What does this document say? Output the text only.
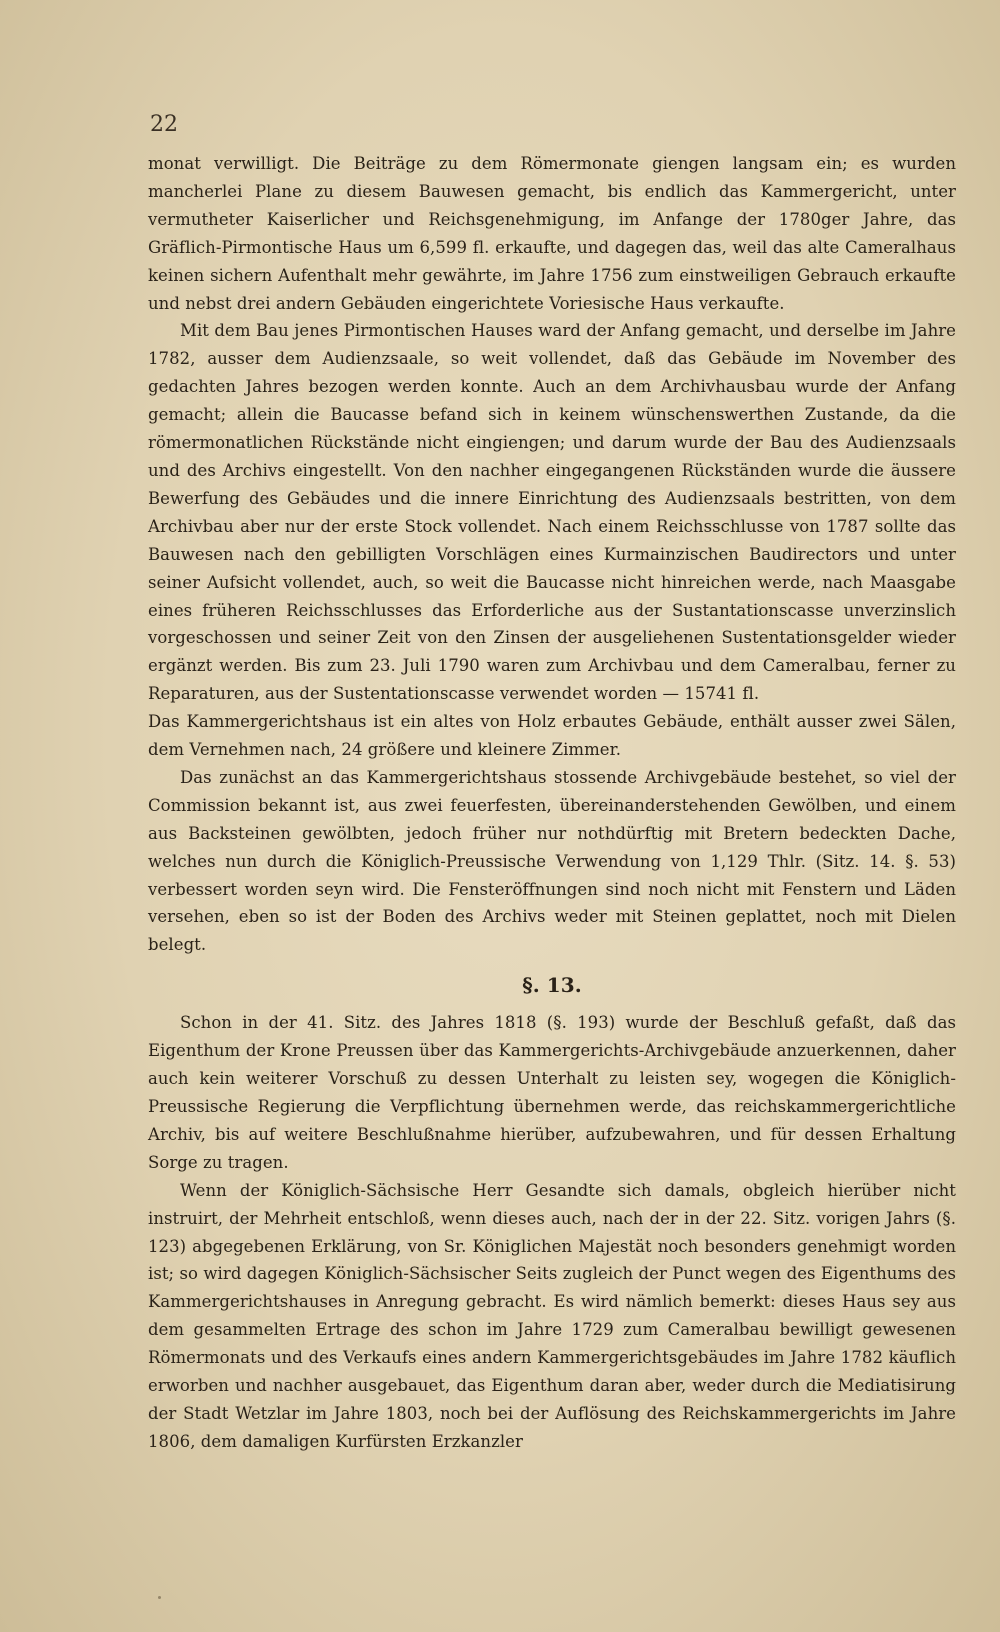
22

monat verwilligt. Die Beiträge zu dem Römermonate giengen langsam ein; es wurden mancherlei Plane zu diesem Bauwesen gemacht, bis endlich das Kammergericht, unter vermutheter Kaiserlicher und Reichsgenehmigung, im Anfange der 1780ger Jahre, das Gräflich-Pirmontische Haus um 6,599 fl. erkaufte, und dagegen das, weil das alte Cameralhaus keinen sichern Aufenthalt mehr gewährte, im Jahre 1756 zum einstweiligen Gebrauch erkaufte und nebst drei andern Gebäuden eingerichtete Voriesische Haus verkaufte.

Mit dem Bau jenes Pirmontischen Hauses ward der Anfang gemacht, und derselbe im Jahre 1782, ausser dem Audienzsaale, so weit vollendet, daß das Gebäude im November des gedachten Jahres bezogen werden konnte. Auch an dem Archivhausbau wurde der Anfang gemacht; allein die Baucasse befand sich in keinem wünschenswerthen Zustande, da die römermonatlichen Rückstände nicht eingiengen; und darum wurde der Bau des Audienzsaals und des Archivs eingestellt. Von den nachher eingegangenen Rückständen wurde die äussere Bewerfung des Gebäudes und die innere Einrichtung des Audienzsaals bestritten, von dem Archivbau aber nur der erste Stock vollendet. Nach einem Reichsschlusse von 1787 sollte das Bauwesen nach den gebilligten Vorschlägen eines Kurmainzischen Baudirectors und unter seiner Aufsicht vollendet, auch, so weit die Baucasse nicht hinreichen werde, nach Maasgabe eines früheren Reichsschlusses das Erforderliche aus der Sustantationscasse unverzinslich vorgeschossen und seiner Zeit von den Zinsen der ausgeliehenen Sustentationsgelder wieder ergänzt werden. Bis zum 23. Juli 1790 waren zum Archivbau und dem Cameralbau, ferner zu Reparaturen, aus der Sustentationscasse verwendet worden — 15741 fl.

Das Kammergerichtshaus ist ein altes von Holz erbautes Gebäude, enthält ausser zwei Sälen, dem Vernehmen nach, 24 größere und kleinere Zimmer.

Das zunächst an das Kammergerichtshaus stossende Archivgebäude bestehet, so viel der Commission bekannt ist, aus zwei feuerfesten, übereinanderstehenden Gewölben, und einem aus Backsteinen gewölbten, jedoch früher nur nothdürftig mit Bretern bedeckten Dache, welches nun durch die Königlich-Preussische Verwendung von 1,129 Thlr. (Sitz. 14. §. 53) verbessert worden seyn wird. Die Fensteröffnungen sind noch nicht mit Fenstern und Läden versehen, eben so ist der Boden des Archivs weder mit Steinen geplattet, noch mit Dielen belegt.

§. 13.

Schon in der 41. Sitz. des Jahres 1818 (§. 193) wurde der Beschluß gefaßt, daß das Eigenthum der Krone Preussen über das Kammergerichts-Archivgebäude anzuerkennen, daher auch kein weiterer Vorschuß zu dessen Unterhalt zu leisten sey, wogegen die Königlich-Preussische Regierung die Verpflichtung übernehmen werde, das reichskammergerichtliche Archiv, bis auf weitere Beschlußnahme hierüber, aufzubewahren, und für dessen Erhaltung Sorge zu tragen.

Wenn der Königlich-Sächsische Herr Gesandte sich damals, obgleich hierüber nicht instruirt, der Mehrheit entschloß, wenn dieses auch, nach der in der 22. Sitz. vorigen Jahrs (§. 123) abgegebenen Erklärung, von Sr. Königlichen Majestät noch besonders genehmigt worden ist; so wird dagegen Königlich-Sächsischer Seits zugleich der Punct wegen des Eigenthums des Kammergerichtshauses in Anregung gebracht. Es wird nämlich bemerkt: dieses Haus sey aus dem gesammelten Ertrage des schon im Jahre 1729 zum Cameralbau bewilligt gewesenen Römermonats und des Verkaufs eines andern Kammergerichtsgebäudes im Jahre 1782 käuflich erworben und nachher ausgebauet, das Eigenthum daran aber, weder durch die Mediatisirung der Stadt Wetzlar im Jahre 1803, noch bei der Auflösung des Reichskammergerichts im Jahre 1806, dem damaligen Kurfürsten Erzkanzler
